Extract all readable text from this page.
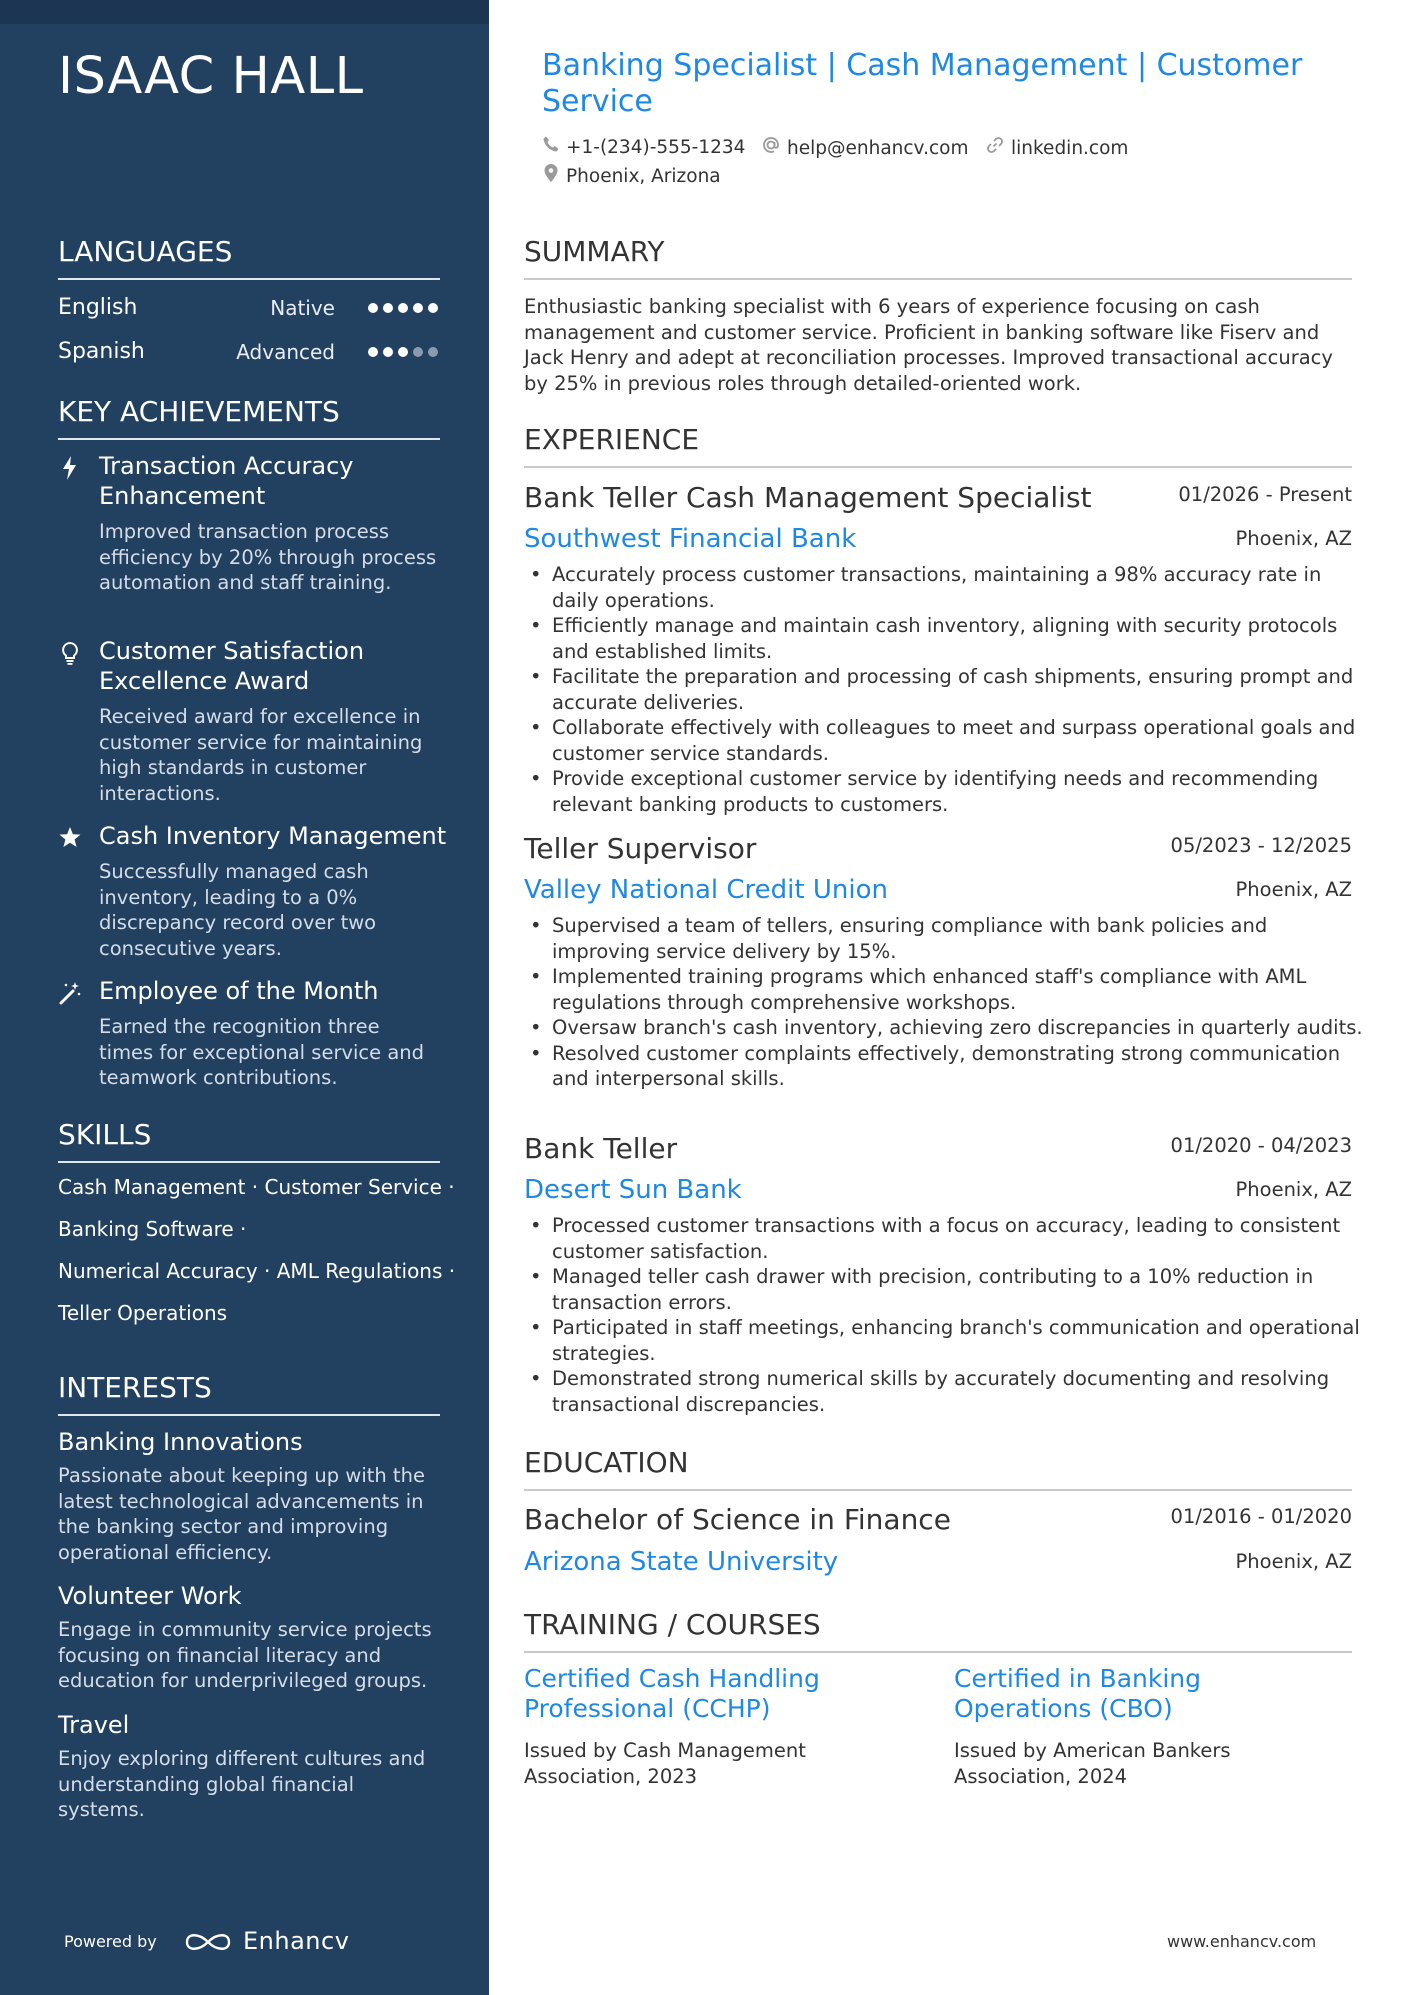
ISAAC HALL
LANGUAGES
English	Native
Spanish	Advanced
KEY ACHIEVEMENTS
Transaction Accuracy Enhancement
Improved transaction process efficiency by 20% through process automation and staff training.
Customer Satisfaction Excellence Award
Received award for excellence in customer service for maintaining high standards in customer interactions.
Cash Inventory Management
Successfully managed cash inventory, leading to a 0% discrepancy record over two consecutive years.
Employee of the Month
Earned the recognition three times for exceptional service and teamwork contributions.
SKILLS
Cash Management · Customer Service ·
Banking Software ·
Numerical Accuracy · AML Regulations ·
Teller Operations
INTERESTS
Banking Innovations
Passionate about keeping up with the latest technological advancements in the banking sector and improving operational efficiency.
Volunteer Work
Engage in community service projects focusing on financial literacy and education for underprivileged groups.
Travel
Enjoy exploring different cultures and understanding global financial systems.
Powered by	Enhancv
Banking Specialist | Cash Management | Customer Service
+1-(234)-555-1234	help@enhancv.com	linkedin.com
Phoenix, Arizona
SUMMARY
Enthusiastic banking specialist with 6 years of experience focusing on cash management and customer service. Proficient in banking software like Fiserv and Jack Henry and adept at reconciliation processes. Improved transactional accuracy by 25% in previous roles through detailed-oriented work.
EXPERIENCE
Bank Teller Cash Management Specialist	01/2026 - Present
Southwest Financial Bank	Phoenix, AZ
• Accurately process customer transactions, maintaining a 98% accuracy rate in daily operations.
• Efficiently manage and maintain cash inventory, aligning with security protocols and established limits.
• Facilitate the preparation and processing of cash shipments, ensuring prompt and accurate deliveries.
• Collaborate effectively with colleagues to meet and surpass operational goals and customer service standards.
• Provide exceptional customer service by identifying needs and recommending relevant banking products to customers.
Teller Supervisor	05/2023 - 12/2025
Valley National Credit Union	Phoenix, AZ
• Supervised a team of tellers, ensuring compliance with bank policies and improving service delivery by 15%.
• Implemented training programs which enhanced staff's compliance with AML regulations through comprehensive workshops.
• Oversaw branch's cash inventory, achieving zero discrepancies in quarterly audits.
• Resolved customer complaints effectively, demonstrating strong communication and interpersonal skills.
Bank Teller	01/2020 - 04/2023
Desert Sun Bank	Phoenix, AZ
• Processed customer transactions with a focus on accuracy, leading to consistent customer satisfaction.
• Managed teller cash drawer with precision, contributing to a 10% reduction in transaction errors.
• Participated in staff meetings, enhancing branch's communication and operational strategies.
• Demonstrated strong numerical skills by accurately documenting and resolving transactional discrepancies.
EDUCATION
Bachelor of Science in Finance	01/2016 - 01/2020
Arizona State University	Phoenix, AZ
TRAINING / COURSES
Certified Cash Handling Professional (CCHP)
Issued by Cash Management Association, 2023
Certified in Banking Operations (CBO)
Issued by American Bankers Association, 2024
www.enhancv.com
